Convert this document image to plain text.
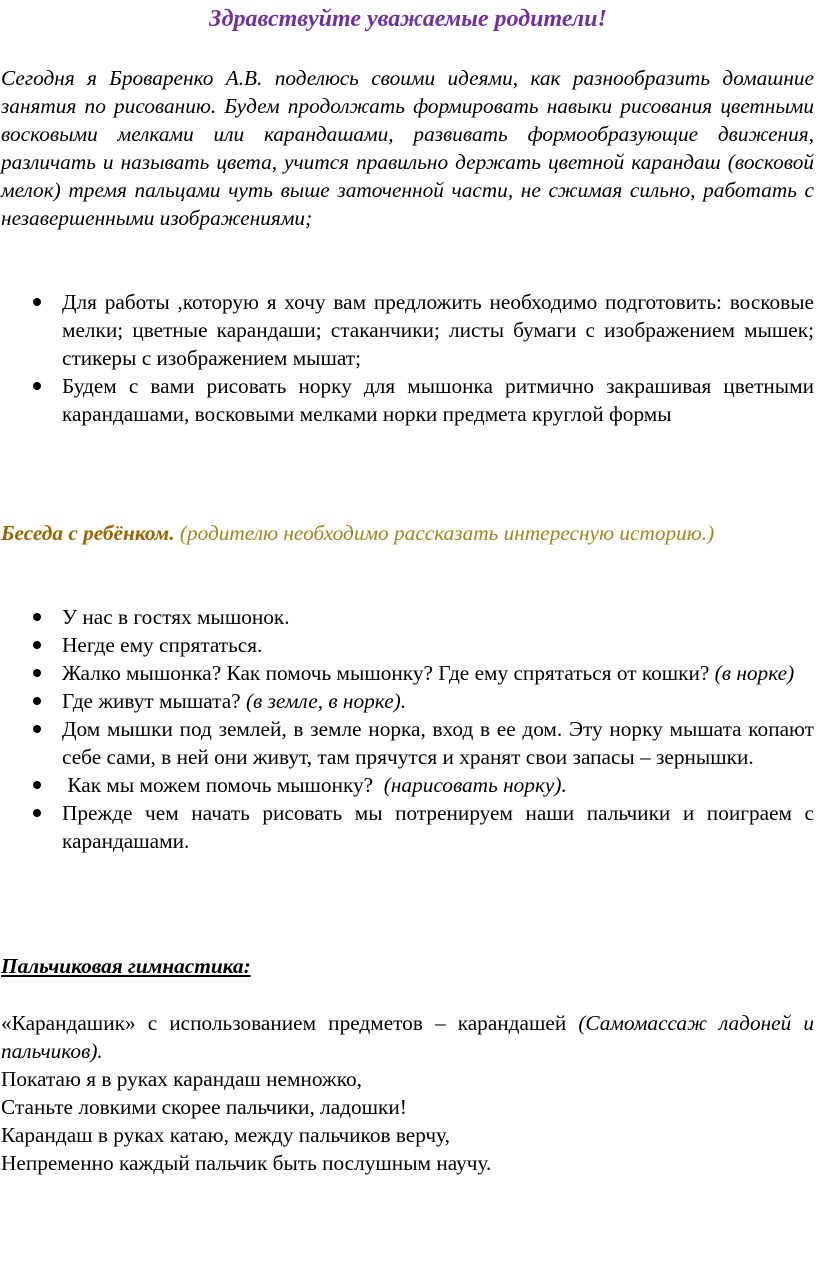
Здравствуйте уважаемые родители!

Сегодня я Броваренко А.В. поделюсь своими идеями, как разнообразить домашние занятия по рисованию. Будем продолжать формировать навыки рисования цветными восковыми мелками или карандашами, развивать формообразующие движения, различать и называть цвета, учится правильно держать цветной карандаш (восковой мелок) тремя пальцами чуть выше заточенной части, не сжимая сильно, работать с незавершенными изображениями;

Для работы ,которую я хочу вам предложить необходимо подготовить: восковые мелки; цветные карандаши; стаканчики; листы бумаги с изображением мышек; стикеры с изображением мышат;
Будем с вами рисовать норку для мышонка ритмично закрашивая цветными карандашами, восковыми мелками норки предмета круглой формы

Беседа с ребёнком. (родителю необходимо рассказать интересную историю.)

У нас в гостях мышонок.
Негде ему спрятаться.
Жалко мышонка? Как помочь мышонку? Где ему спрятаться от кошки? (в норке)
Где живут мышата? (в земле, в норке).
Дом мышки под землей, в земле норка, вход в ее дом. Эту норку мышата копают себе сами, в ней они живут, там прячутся и хранят свои запасы – зернышки.
Как мы можем помочь мышонку?  (нарисовать норку).
Прежде чем начать рисовать мы потренируем наши пальчики и поиграем с карандашами.

Пальчиковая гимнастика:

«Карандашик» с использованием предметов – карандашей (Самомассаж ладоней и пальчиков).

Покатаю я в руках карандаш немножко,
Станьте ловкими скорее пальчики, ладошки!
Карандаш в руках катаю, между пальчиков верчу,
Непременно каждый пальчик быть послушным научу.
